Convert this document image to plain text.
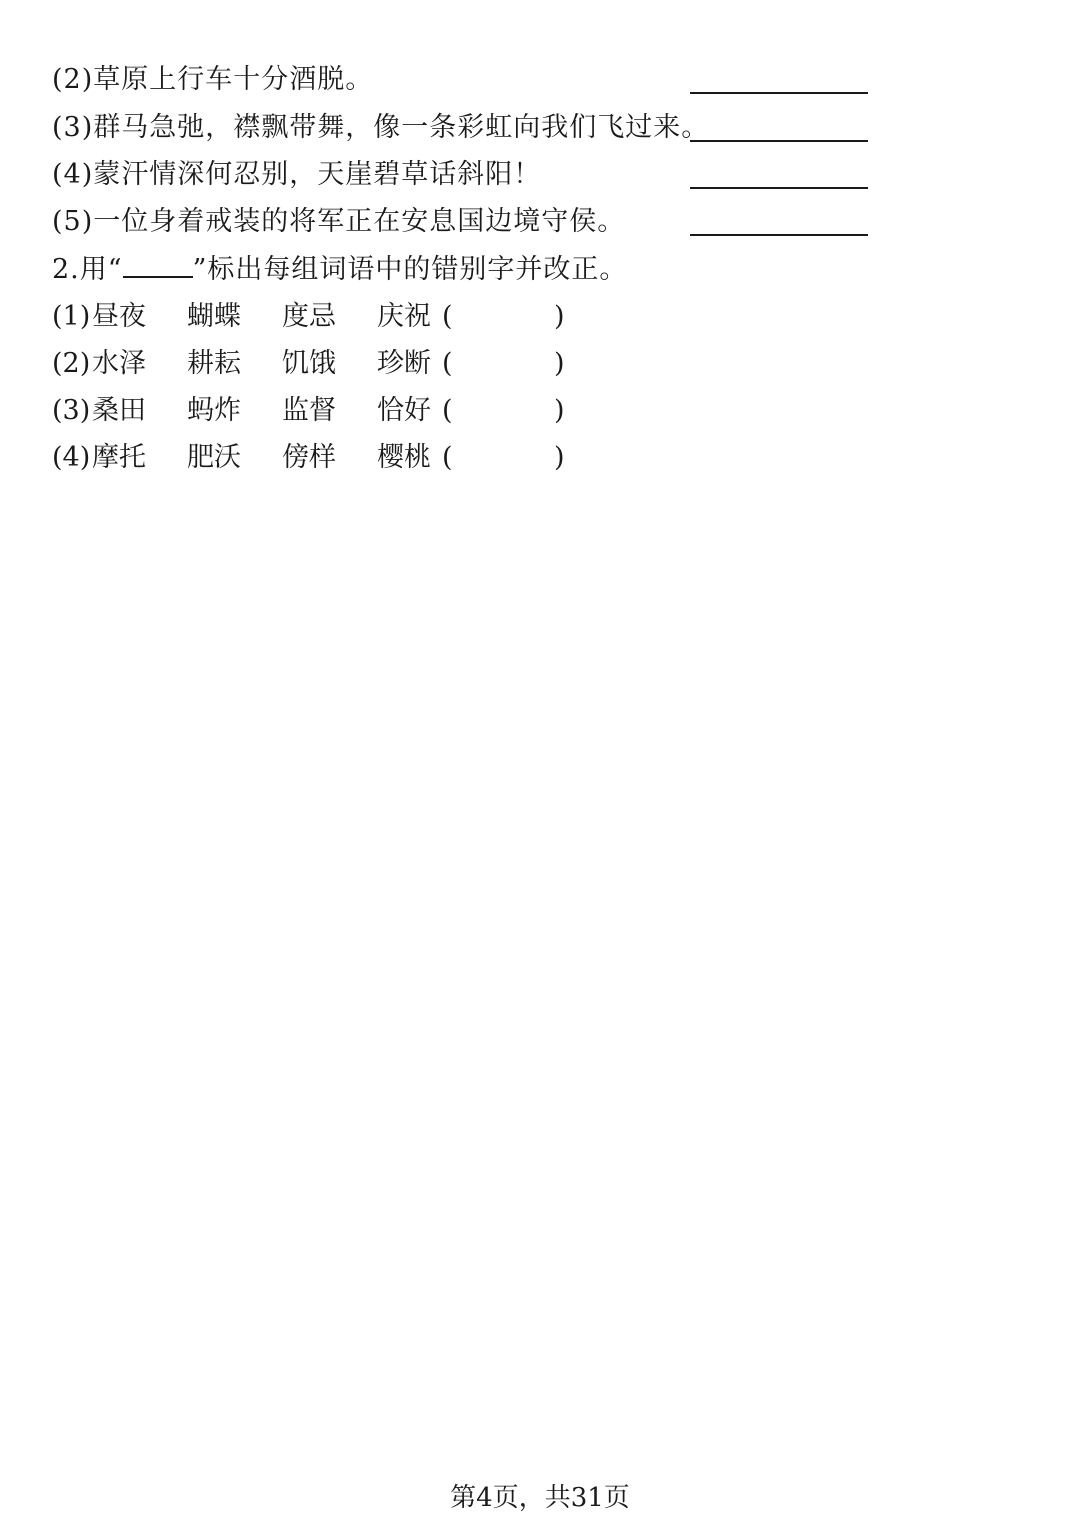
(2)草原上行车十分酒脱。
(3)群马急弛，襟飘带舞，像一条彩虹向我们飞过来。
(4)蒙汗情深何忍别，天崖碧草话斜阳！
(5)一位身着戒装的将军正在安息国边境守侯。
2.用“	”标出每组词语中的错别字并改正。
(1) 昼夜 蝴蝶 度忌 庆祝 (	)
(2) 水泽 耕耘 饥饿 珍断 (	)
(3) 桑田 蚂炸 监督 恰好 (	)
(4) 摩托 肥沃 傍样 樱桃 (	)
第4页，共31页
